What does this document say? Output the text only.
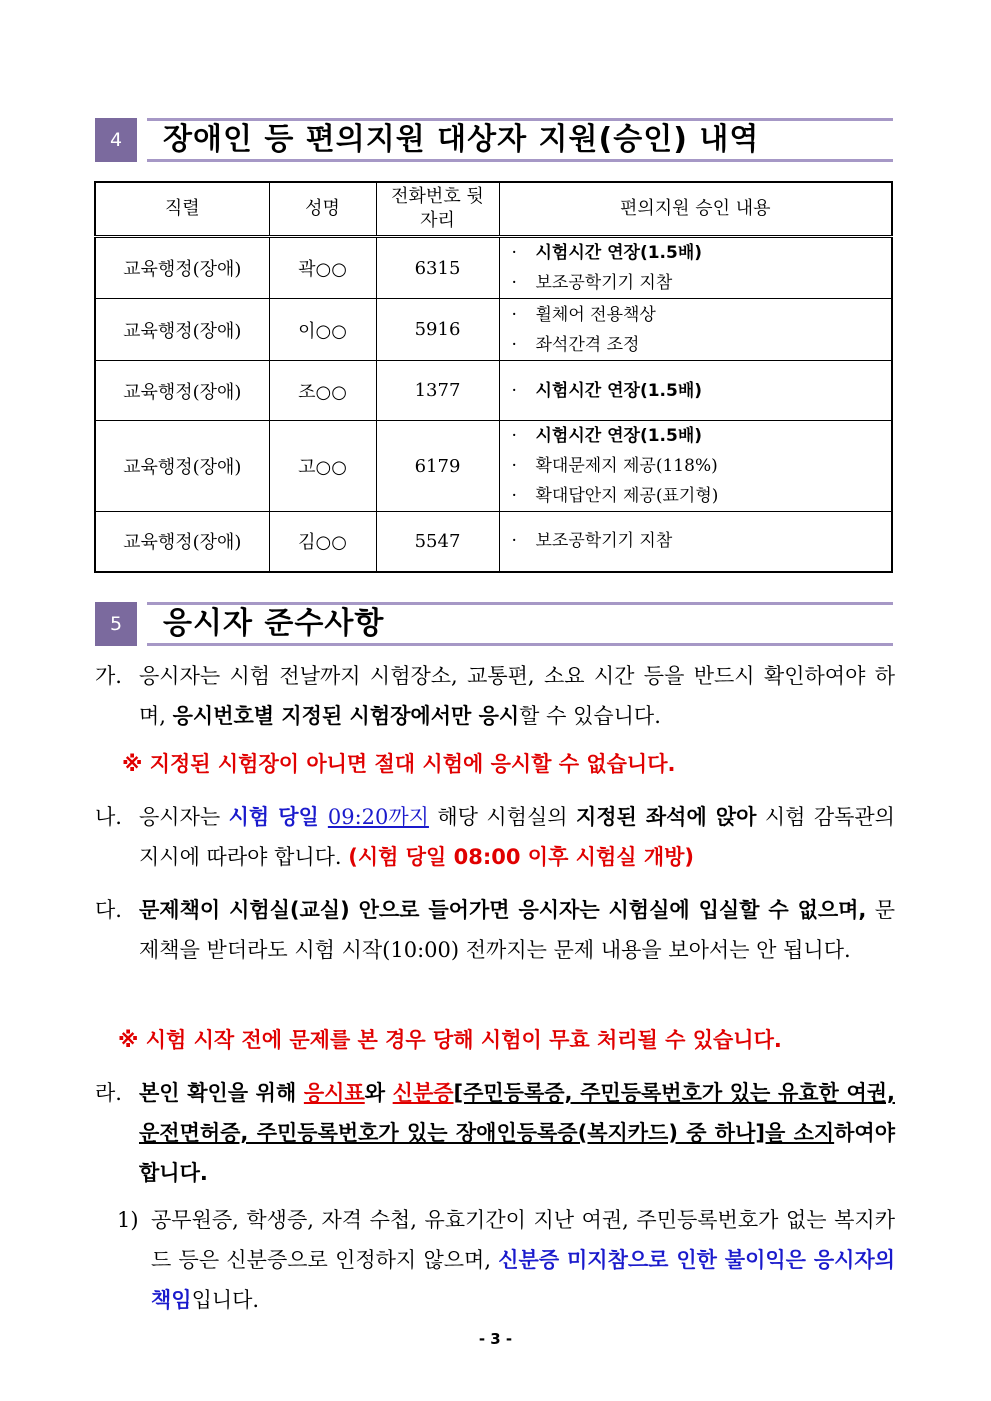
4	장애인 등 편의지원 대상자 지원(승인) 내역
직렬	성명	전화번호 뒷자리	편의지원 승인 내용
교육행정(장애)	곽○○	6315	· 시험시간 연장(1.5배)
· 보조공학기기 지참

교육행정(장애)	이○○	5916	· 휠체어 전용책상
· 좌석간격 조정

교육행정(장애)	조○○	1377	· 시험시간 연장(1.5배)

교육행정(장애)	고○○	6179	· 시험시간 연장(1.5배)
· 확대문제지 제공(118%)
· 확대답안지 제공(표기형)

교육행정(장애)	김○○	5547	· 보조공학기기 지참
5	응시자 준수사항
가. 응시자는 시험 전날까지 시험장소, 교통편, 소요 시간 등을 반드시 확인하여야 하며, 응시번호별 지정된 시험장에서만 응시할 수 있습니다.
※ 지정된 시험장이 아니면 절대 시험에 응시할 수 없습니다.
나. 응시자는 시험 당일 09:20까지 해당 시험실의 지정된 좌석에 앉아 시험 감독관의 지시에 따라야 합니다. (시험 당일 08:00 이후 시험실 개방)
다. 문제책이 시험실(교실) 안으로 들어가면 응시자는 시험실에 입실할 수 없으며, 문제책을 받더라도 시험 시작(10:00) 전까지는 문제 내용을 보아서는 안 됩니다.
※ 시험 시작 전에 문제를 본 경우 당해 시험이 무효 처리될 수 있습니다.
라. 본인 확인을 위해 응시표와 신분증[주민등록증, 주민등록번호가 있는 유효한 여권, 운전면허증, 주민등록번호가 있는 장애인등록증(복지카드) 중 하나]을 소지하여야 합니다.
1) 공무원증, 학생증, 자격 수첩, 유효기간이 지난 여권, 주민등록번호가 없는 복지카드 등은 신분증으로 인정하지 않으며, 신분증 미지참으로 인한 불이익은 응시자의 책임입니다.
- 3 -
